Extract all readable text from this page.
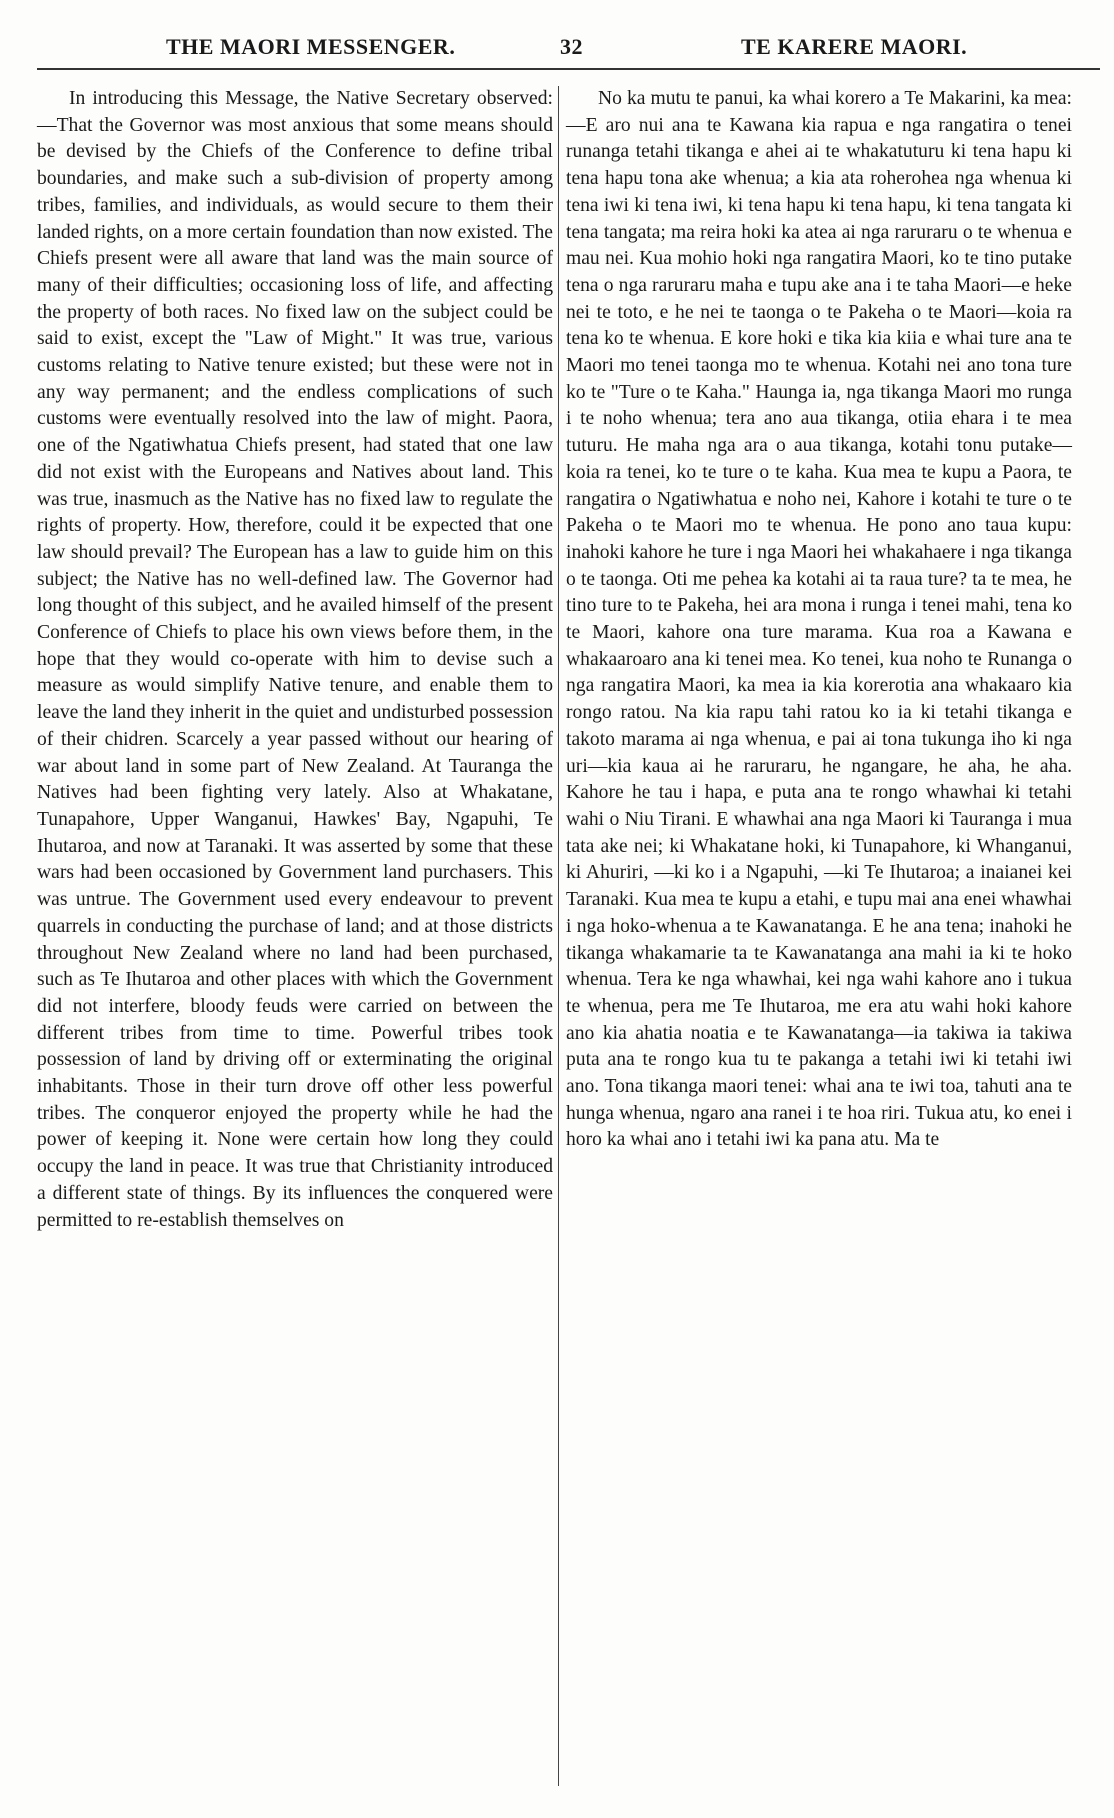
THE MAORI MESSENGER.	32	TE KARERE MAORI.

In introducing this Message, the Native Secretary observed:—That the Governor was most anxious that some means should be devised by the Chiefs of the Conference to define tribal boundaries, and make such a sub-division of property among tribes, families, and individuals, as would secure to them their landed rights, on a more certain foundation than now existed. The Chiefs present were all aware that land was the main source of many of their difficulties; occasioning loss of life, and affecting the property of both races. No fixed law on the subject could be said to exist, except the "Law of Might." It was true, various customs relating to Native tenure existed; but these were not in any way permanent; and the endless complications of such customs were eventually resolved into the law of might. Paora, one of the Ngatiwhatua Chiefs present, had stated that one law did not exist with the Europeans and Natives about land. This was true, inasmuch as the Native has no fixed law to regulate the rights of property. How, therefore, could it be expected that one law should prevail? The European has a law to guide him on this subject; the Native has no well-defined law. The Governor had long thought of this subject, and he availed himself of the present Conference of Chiefs to place his own views before them, in the hope that they would co-operate with him to devise such a measure as would simplify Native tenure, and enable them to leave the land they inherit in the quiet and undisturbed possession of their chidren. Scarcely a year passed without our hearing of war about land in some part of New Zealand. At Tauranga the Natives had been fighting very lately. Also at Whakatane, Tunapahore, Upper Wanganui, Hawkes' Bay, Ngapuhi, Te Ihutaroa, and now at Taranaki. It was asserted by some that these wars had been occasioned by Government land purchasers. This was untrue. The Government used every endeavour to prevent quarrels in conducting the purchase of land; and at those districts throughout New Zealand where no land had been purchased, such as Te Ihutaroa and other places with which the Government did not interfere, bloody feuds were carried on between the different tribes from time to time. Powerful tribes took possession of land by driving off or exterminating the original inhabitants. Those in their turn drove off other less powerful tribes. The conqueror enjoyed the property while he had the power of keeping it. None were certain how long they could occupy the land in peace. It was true that Christianity introduced a different state of things. By its influences the conquered were permitted to re-establish themselves on

No ka mutu te panui, ka whai korero a Te Makarini, ka mea:—E aro nui ana te Kawana kia rapua e nga rangatira o tenei runanga tetahi tikanga e ahei ai te whakatuturu ki tena hapu ki tena hapu tona ake whenua; a kia ata roherohea nga whenua ki tena iwi ki tena iwi, ki tena hapu ki tena hapu, ki tena tangata ki tena tangata; ma reira hoki ka atea ai nga raruraru o te whenua e mau nei. Kua mohio hoki nga rangatira Maori, ko te tino putake tena o nga raruraru maha e tupu ake ana i te taha Maori—e heke nei te toto, e he nei te taonga o te Pakeha o te Maori—koia ra tena ko te whenua. E kore hoki e tika kia kiia e whai ture ana te Maori mo tenei taonga mo te whenua. Kotahi nei ano tona ture ko te "Ture o te Kaha." Haunga ia, nga tikanga Maori mo runga i te noho whenua; tera ano aua tikanga, otiia ehara i te mea tuturu. He maha nga ara o aua tikanga, kotahi tonu putake—koia ra tenei, ko te ture o te kaha. Kua mea te kupu a Paora, te rangatira o Ngatiwhatua e noho nei, Kahore i kotahi te ture o te Pakeha o te Maori mo te whenua. He pono ano taua kupu: inahoki kahore he ture i nga Maori hei whakahaere i nga tikanga o te taonga. Oti me pehea ka kotahi ai ta raua ture? ta te mea, he tino ture to te Pakeha, hei ara mona i runga i tenei mahi, tena ko te Maori, kahore ona ture marama. Kua roa a Kawana e whakaaroaro ana ki tenei mea. Ko tenei, kua noho te Runanga o nga rangatira Maori, ka mea ia kia korerotia ana whakaaro kia rongo ratou. Na kia rapu tahi ratou ko ia ki tetahi tikanga e takoto marama ai nga whenua, e pai ai tona tukunga iho ki nga uri—kia kaua ai he raruraru, he ngangare, he aha, he aha. Kahore he tau i hapa, e puta ana te rongo whawhai ki tetahi wahi o Niu Tirani. E whawhai ana nga Maori ki Tauranga i mua tata ake nei; ki Whakatane hoki, ki Tunapahore, ki Whanganui, ki Ahuriri, —ki ko i a Ngapuhi, —ki Te Ihutaroa; a inaianei kei Taranaki. Kua mea te kupu a etahi, e tupu mai ana enei whawhai i nga hoko-whenua a te Kawanatanga. E he ana tena; inahoki he tikanga whakamarie ta te Kawanatanga ana mahi ia ki te hoko whenua. Tera ke nga whawhai, kei nga wahi kahore ano i tukua te whenua, pera me Te Ihutaroa, me era atu wahi hoki kahore ano kia ahatia noatia e te Kawanatanga—ia takiwa ia takiwa puta ana te rongo kua tu te pakanga a tetahi iwi ki tetahi iwi ano. Tona tikanga maori tenei: whai ana te iwi toa, tahuti ana te hunga whenua, ngaro ana ranei i te hoa riri. Tukua atu, ko enei i horo ka whai ano i tetahi iwi ka pana atu. Ma te
